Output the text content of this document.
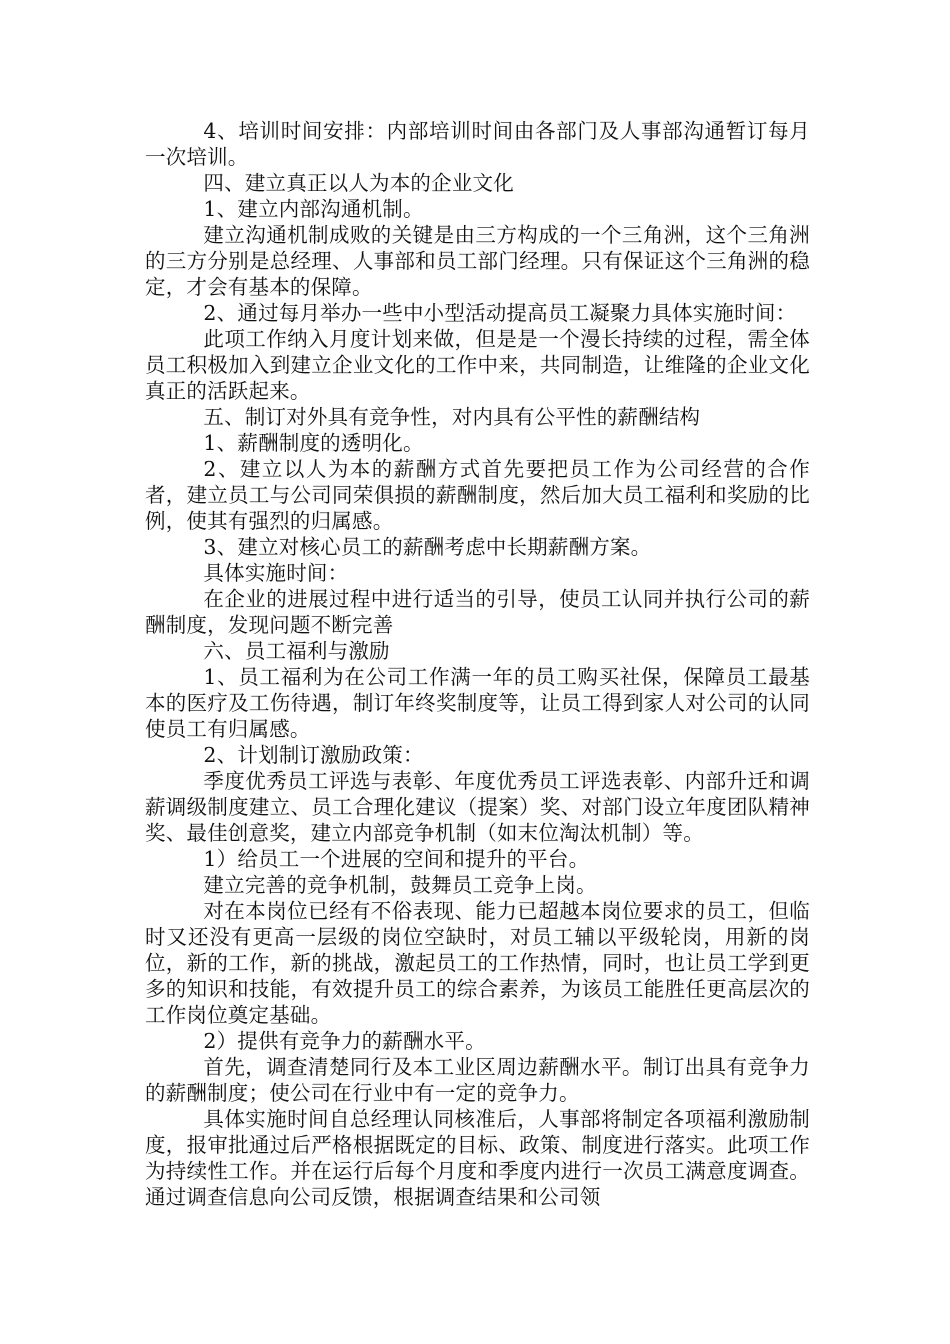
4、培训时间安排：内部培训时间由各部门及人事部沟通暂订每月一次培训。

四、建立真正以人为本的企业文化

1、建立内部沟通机制。

建立沟通机制成败的关键是由三方构成的一个三角洲，这个三角洲的三方分别是总经理、人事部和员工部门经理。只有保证这个三角洲的稳定，才会有基本的保障。

2、通过每月举办一些中小型活动提高员工凝聚力具体实施时间：

此项工作纳入月度计划来做，但是是一个漫长持续的过程，需全体员工积极加入到建立企业文化的工作中来，共同制造，让维隆的企业文化真正的活跃起来。

五、制订对外具有竞争性，对内具有公平性的薪酬结构

1、薪酬制度的透明化。

2、建立以人为本的薪酬方式首先要把员工作为公司经营的合作者，建立员工与公司同荣俱损的薪酬制度，然后加大员工福利和奖励的比例，使其有强烈的归属感。

3、建立对核心员工的薪酬考虑中长期薪酬方案。

具体实施时间：

在企业的进展过程中进行适当的引导，使员工认同并执行公司的薪酬制度，发现问题不断完善

六、员工福利与激励

1、员工福利为在公司工作满一年的员工购买社保，保障员工最基本的医疗及工伤待遇，制订年终奖制度等，让员工得到家人对公司的认同使员工有归属感。

2、计划制订激励政策：

季度优秀员工评选与表彰、年度优秀员工评选表彰、内部升迁和调薪调级制度建立、员工合理化建议（提案）奖、对部门设立年度团队精神奖、最佳创意奖，建立内部竞争机制（如末位淘汰机制）等。

1）给员工一个进展的空间和提升的平台。

建立完善的竞争机制，鼓舞员工竞争上岗。

对在本岗位已经有不俗表现、能力已超越本岗位要求的员工，但临时又还没有更高一层级的岗位空缺时，对员工辅以平级轮岗，用新的岗位，新的工作，新的挑战，激起员工的工作热情，同时，也让员工学到更多的知识和技能，有效提升员工的综合素养，为该员工能胜任更高层次的工作岗位奠定基础。

2）提供有竞争力的薪酬水平。

首先，调查清楚同行及本工业区周边薪酬水平。制订出具有竞争力的薪酬制度；使公司在行业中有一定的竞争力。

具体实施时间自总经理认同核准后，人事部将制定各项福利激励制度，报审批通过后严格根据既定的目标、政策、制度进行落实。此项工作为持续性工作。并在运行后每个月度和季度内进行一次员工满意度调查。通过调查信息向公司反馈，根据调查结果和公司领
